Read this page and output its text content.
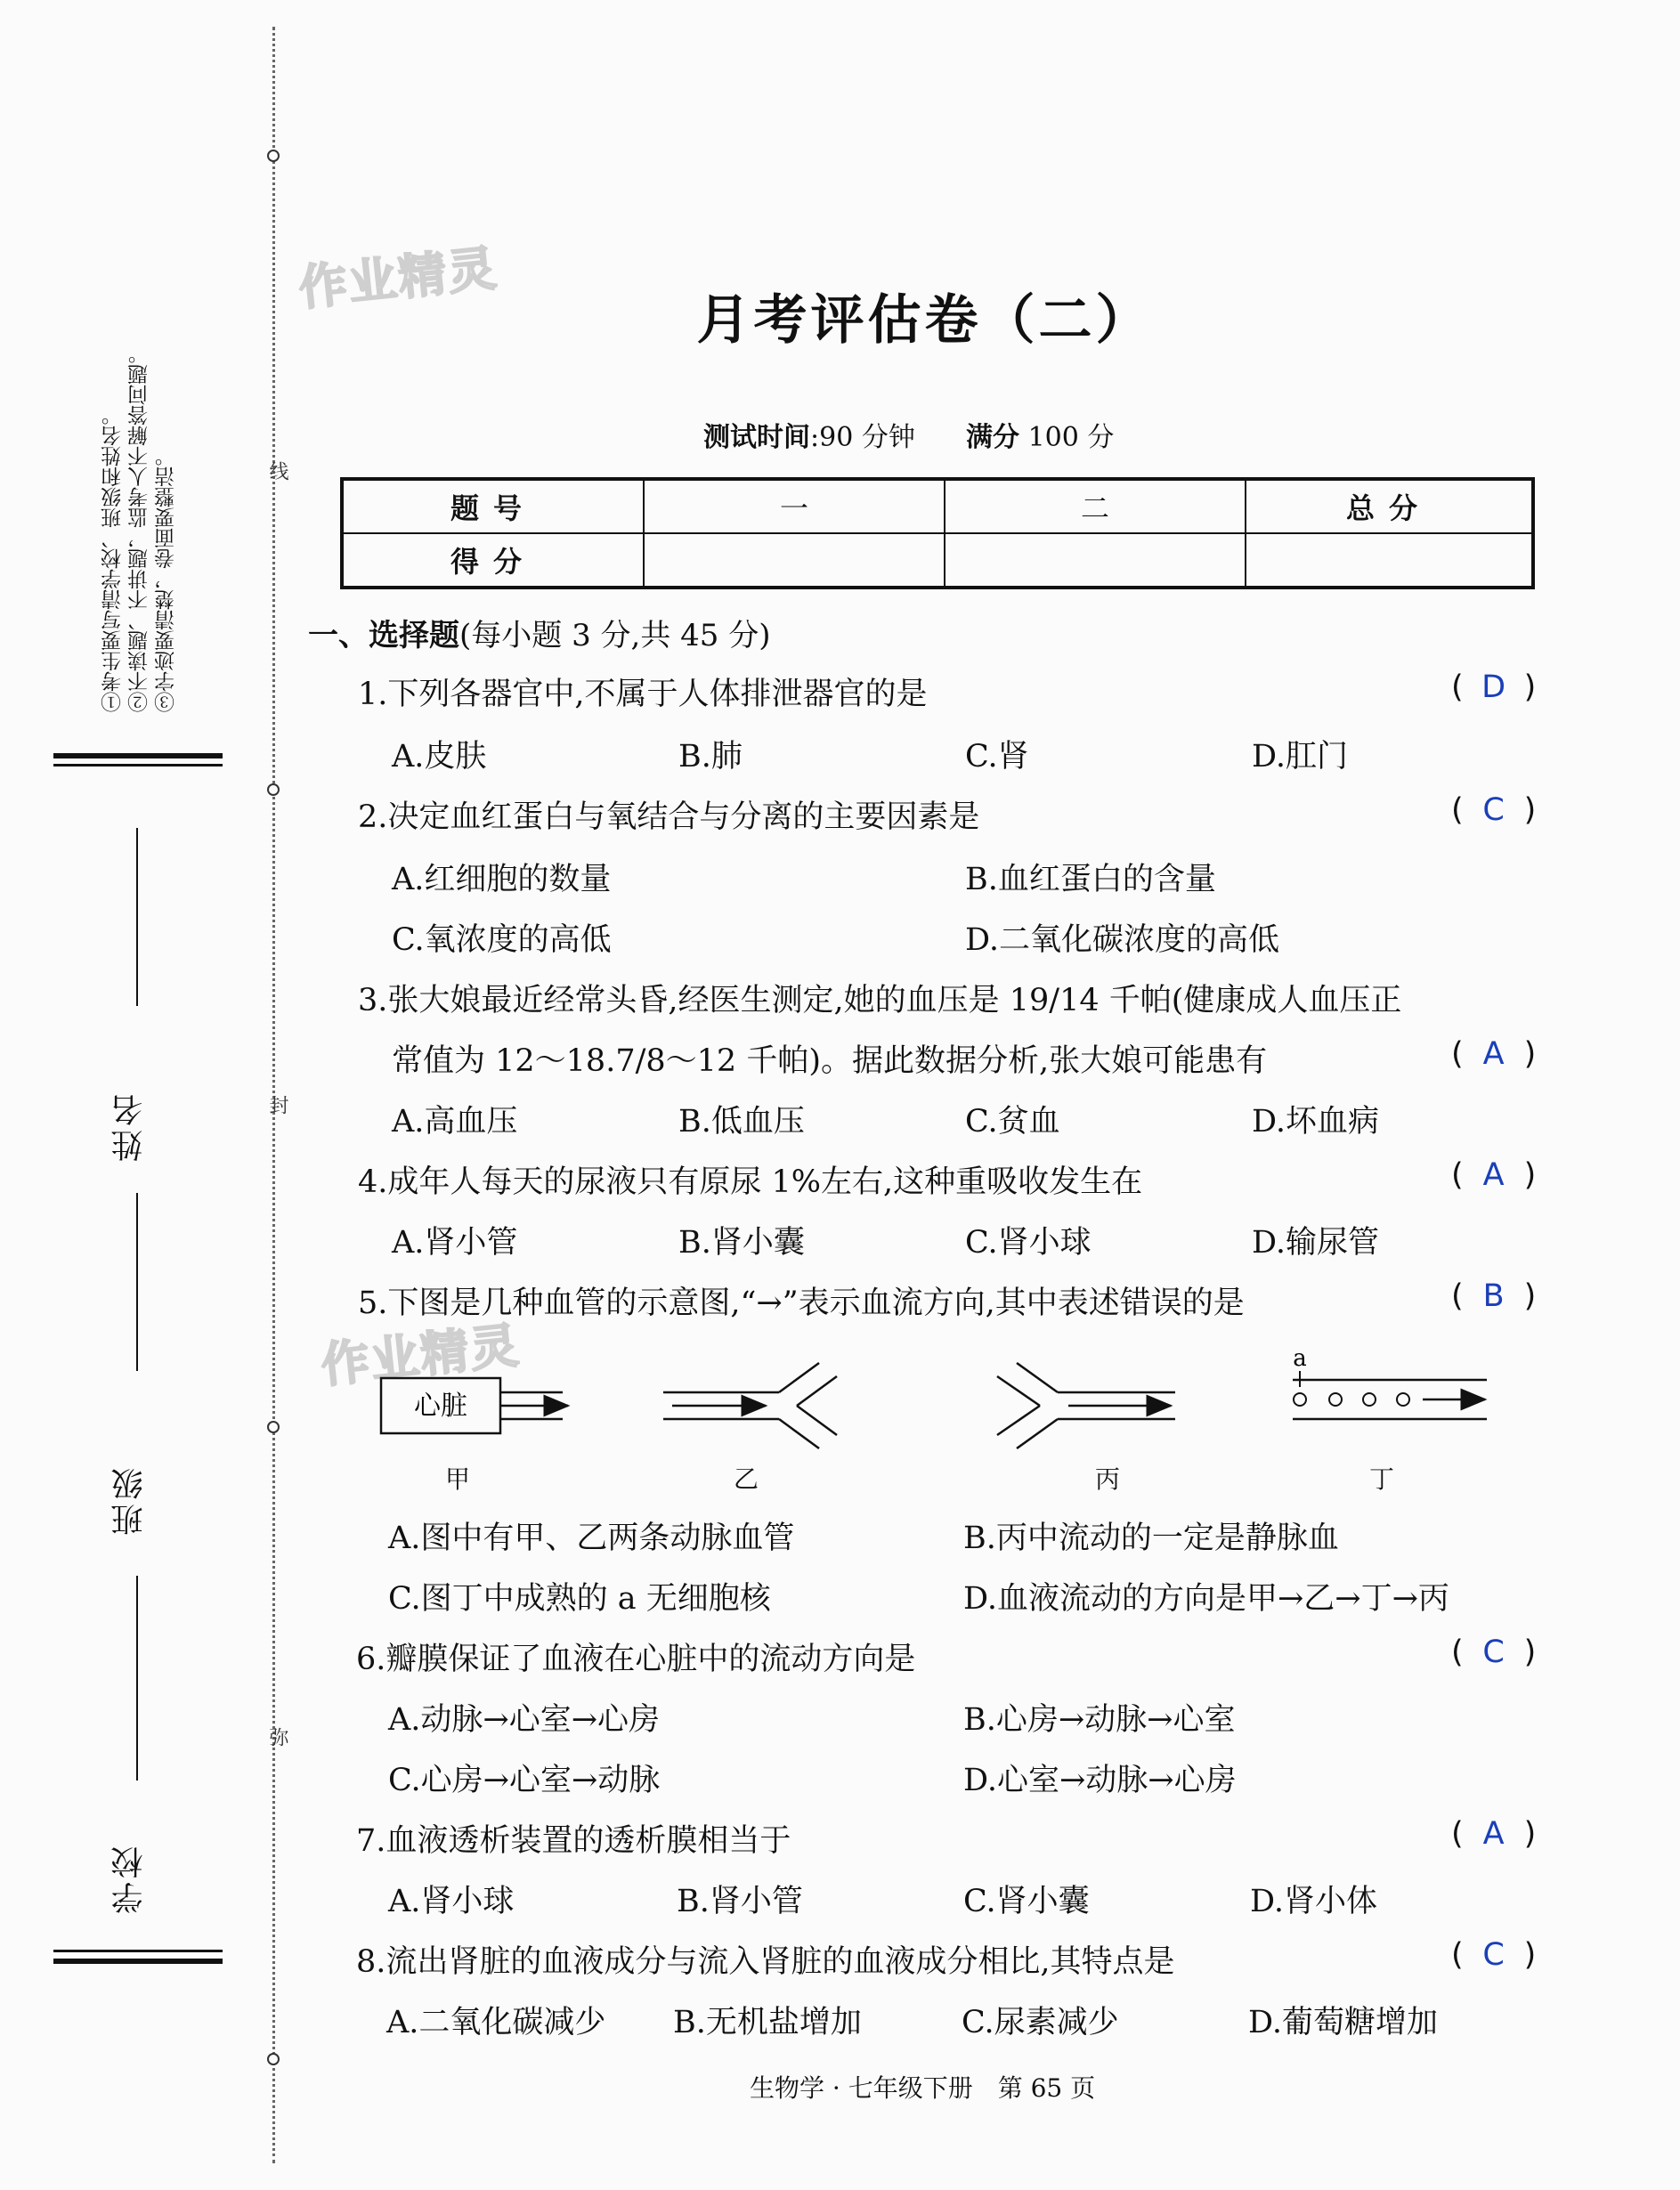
线
封
弥
①考生要写清学校、班级和姓名。 ②不读题、不讲题，监考人不解答问题。 ③字迹要清楚，卷面要整洁。
姓名
班级
学校
作业精灵
作业精灵
月考评估卷（二）
测试时间:90 分钟 满分 100 分
题号	一	二	总分
得分			
一、选择题(每小题 3 分,共 45 分)
1.下列各器官中,不属于人体排泄器官的是	( D )
A.皮肤	B.肺	C.肾	D.肛门
2.决定血红蛋白与氧结合与分离的主要因素是	( C )
A.红细胞的数量	B.血红蛋白的含量
C.氧浓度的高低	D.二氧化碳浓度的高低
3.张大娘最近经常头昏,经医生测定,她的血压是 19/14 千帕(健康成人血压正
常值为 12～18.7/8～12 千帕)。据此数据分析,张大娘可能患有	( A )
A.高血压	B.低血压	C.贫血	D.坏血病
4.成年人每天的尿液只有原尿 1%左右,这种重吸收发生在	( A )
A.肾小管	B.肾小囊	C.肾小球	D.输尿管
5.下图是几种血管的示意图,“→”表示血流方向,其中表述错误的是	( B )
心脏
a
甲	乙	丙	丁
A.图中有甲、乙两条动脉血管	B.丙中流动的一定是静脉血
C.图丁中成熟的 a 无细胞核	D.血液流动的方向是甲→乙→丁→丙
6.瓣膜保证了血液在心脏中的流动方向是	( C )
A.动脉→心室→心房	B.心房→动脉→心室
C.心房→心室→动脉	D.心室→动脉→心房
7.血液透析装置的透析膜相当于	( A )
A.肾小球	B.肾小管	C.肾小囊	D.肾小体
8.流出肾脏的血液成分与流入肾脏的血液成分相比,其特点是	( C )
A.二氧化碳减少 B.无机盐增加	C.尿素减少	D.葡萄糖增加
生物学 · 七年级下册　第 65 页
